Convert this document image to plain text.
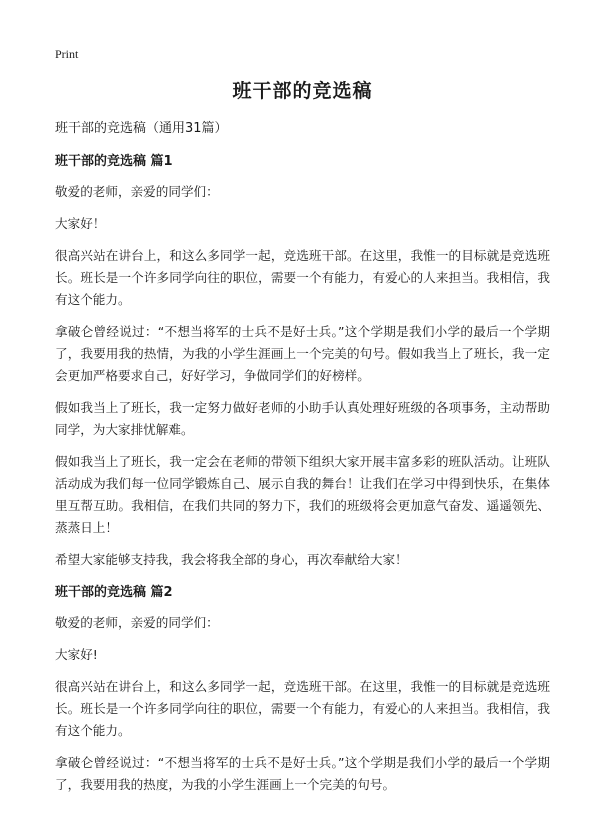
Print
班干部的竞选稿
班干部的竞选稿（通用31篇）
班干部的竞选稿 篇1

敬爱的老师，亲爱的同学们：

大家好！

很高兴站在讲台上，和这么多同学一起，竞选班干部。在这里，我惟一的目标就是竞选班长。班长是一个许多同学向往的职位，需要一个有能力，有爱心的人来担当。我相信，我有这个能力。

拿破仑曾经说过：“不想当将军的士兵不是好士兵。”这个学期是我们小学的最后一个学期了，我要用我的热情，为我的小学生涯画上一个完美的句号。假如我当上了班长，我一定会更加严格要求自己，好好学习，争做同学们的好榜样。

假如我当上了班长，我一定努力做好老师的小助手认真处理好班级的各项事务，主动帮助同学，为大家排忧解难。

假如我当上了班长，我一定会在老师的带领下组织大家开展丰富多彩的班队活动。让班队活动成为我们每一位同学锻炼自己、展示自我的舞台！让我们在学习中得到快乐，在集体里互帮互助。我相信，在我们共同的努力下，我们的班级将会更加意气奋发、遥遥领先、蒸蒸日上！

希望大家能够支持我，我会将我全部的身心，再次奉献给大家！

班干部的竞选稿 篇2

敬爱的老师，亲爱的同学们：

大家好!

很高兴站在讲台上，和这么多同学一起，竞选班干部。在这里，我惟一的目标就是竞选班长。班长是一个许多同学向往的职位，需要一个有能力，有爱心的人来担当。我相信，我有这个能力。

拿破仑曾经说过：“不想当将军的士兵不是好士兵。”这个学期是我们小学的最后一个学期了，我要用我的热度，为我的小学生涯画上一个完美的句号。
